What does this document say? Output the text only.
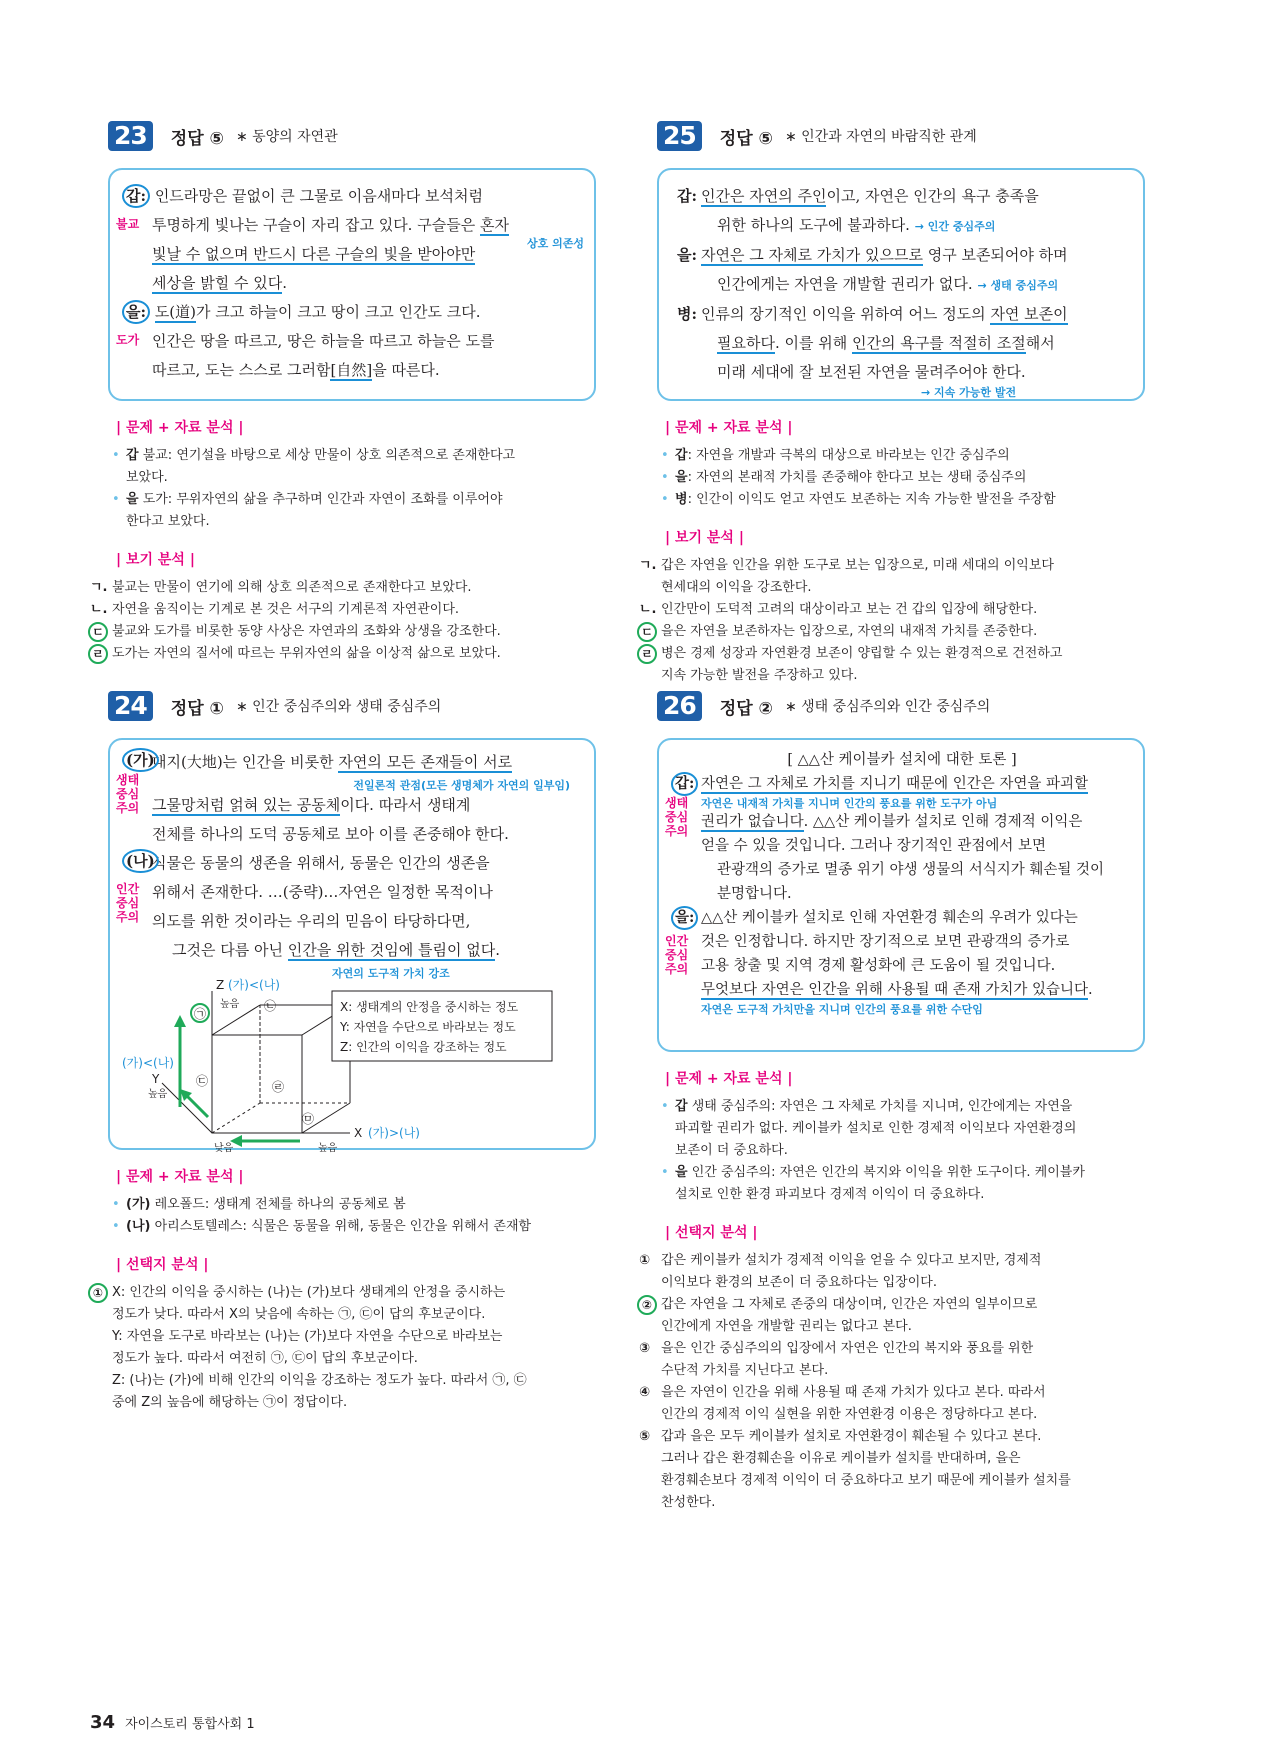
23	정답 ⑤ ∗ 동양의 자연관
갑: 인드라망은 끝없이 큰 그물로 이음새마다 보석처럼
불교 투명하게 빛나는 구슬이 자리 잡고 있다. 구슬들은 혼자
상호 의존성
빛날 수 없으며 반드시 다른 구슬의 빛을 받아야만
세상을 밝힐 수 있다.
을: 도(道)가 크고 하늘이 크고 땅이 크고 인간도 크다.
도가 인간은 땅을 따르고, 땅은 하늘을 따르고 하늘은 도를
따르고, 도는 스스로 그러함[自然]을 따른다.
| 문제 + 자료 분석 |
• 갑 불교: 연기설을 바탕으로 세상 만물이 상호 의존적으로 존재한다고
보았다.
• 을 도가: 무위자연의 삶을 추구하며 인간과 자연이 조화를 이루어야
한다고 보았다.
| 보기 분석 |
ㄱ. 불교는 만물이 연기에 의해 상호 의존적으로 존재한다고 보았다.
ㄴ. 자연을 움직이는 기계로 본 것은 서구의 기계론적 자연관이다.
ㄷ 불교와 도가를 비롯한 동양 사상은 자연과의 조화와 상생을 강조한다.
ㄹ 도가는 자연의 질서에 따르는 무위자연의 삶을 이상적 삶으로 보았다.
24	정답 ① ∗ 인간 중심주의와 생태 중심주의
(가)
대지(大地)는 인간을 비롯한 자연의 모든 존재들이 서로
생태
중심
주의
전일론적 관점(모든 생명체가 자연의 일부임)
그물망처럼 얽혀 있는 공동체이다. 따라서 생태계
전체를 하나의 도덕 공동체로 보아 이를 존중해야 한다.
(나)
식물은 동물의 생존을 위해서, 동물은 인간의 생존을
인간
중심
주의
위해서 존재한다. …(중략)…자연은 일정한 목적이나
의도를 위한 것이라는 우리의 믿음이 타당하다면,
그것은 다름 아닌 인간을 위한 것임에 틀림이 없다.
자연의 도구적 가치 강조
Z (가)<(나)
높음
(가)<(나)
Y
높음
낮음	높음
X (가)>(나)
㉠
㉡
㉢	㉣
㉤
X: 생태계의 안정을 중시하는 정도
Y: 자연을 수단으로 바라보는 정도
Z: 인간의 이익을 강조하는 정도
| 문제 + 자료 분석 |
• (가) 레오폴드: 생태계 전체를 하나의 공동체로 봄
• (나) 아리스토텔레스: 식물은 동물을 위해, 동물은 인간을 위해서 존재함
| 선택지 분석 |
① X: 인간의 이익을 중시하는 (나)는 (가)보다 생태계의 안정을 중시하는
정도가 낮다. 따라서 X의 낮음에 속하는 ㉠, ㉢이 답의 후보군이다.
Y: 자연을 도구로 바라보는 (나)는 (가)보다 자연을 수단으로 바라보는
정도가 높다. 따라서 여전히 ㉠, ㉢이 답의 후보군이다.
Z: (나)는 (가)에 비해 인간의 이익을 강조하는 정도가 높다. 따라서 ㉠, ㉢
중에 Z의 높음에 해당하는 ㉠이 정답이다.
25	정답 ⑤ ∗ 인간과 자연의 바람직한 관계
갑: 인간은 자연의 주인이고, 자연은 인간의 욕구 충족을
위한 하나의 도구에 불과하다. → 인간 중심주의
을: 자연은 그 자체로 가치가 있으므로 영구 보존되어야 하며
인간에게는 자연을 개발할 권리가 없다. → 생태 중심주의
병: 인류의 장기적인 이익을 위하여 어느 정도의 자연 보존이
필요하다. 이를 위해 인간의 욕구를 적절히 조절해서
미래 세대에 잘 보전된 자연을 물려주어야 한다.
→ 지속 가능한 발전
| 문제 + 자료 분석 |
• 갑: 자연을 개발과 극복의 대상으로 바라보는 인간 중심주의
• 을: 자연의 본래적 가치를 존중해야 한다고 보는 생태 중심주의
• 병: 인간이 이익도 얻고 자연도 보존하는 지속 가능한 발전을 주장함
| 보기 분석 |
ㄱ. 갑은 자연을 인간을 위한 도구로 보는 입장으로, 미래 세대의 이익보다
현세대의 이익을 강조한다.
ㄴ. 인간만이 도덕적 고려의 대상이라고 보는 건 갑의 입장에 해당한다.
ㄷ 을은 자연을 보존하자는 입장으로, 자연의 내재적 가치를 존중한다.
ㄹ 병은 경제 성장과 자연환경 보존이 양립할 수 있는 환경적으로 건전하고
지속 가능한 발전을 주장하고 있다.
26	정답 ② ∗ 생태 중심주의와 인간 중심주의
[ △△산 케이블카 설치에 대한 토론 ]
갑: 자연은 그 자체로 가치를 지니기 때문에 인간은 자연을 파괴할
생태
중심
주의
자연은 내재적 가치를 지니며 인간의 풍요를 위한 도구가 아님
권리가 없습니다. △△산 케이블카 설치로 인해 경제적 이익은
얻을 수 있을 것입니다. 그러나 장기적인 관점에서 보면
관광객의 증가로 멸종 위기 야생 생물의 서식지가 훼손될 것이
분명합니다.
을: △△산 케이블카 설치로 인해 자연환경 훼손의 우려가 있다는
인간
중심
주의
것은 인정합니다. 하지만 장기적으로 보면 관광객의 증가로
고용 창출 및 지역 경제 활성화에 큰 도움이 될 것입니다.
무엇보다 자연은 인간을 위해 사용될 때 존재 가치가 있습니다.
자연은 도구적 가치만을 지니며 인간의 풍요를 위한 수단임
| 문제 + 자료 분석 |
• 갑 생태 중심주의: 자연은 그 자체로 가치를 지니며, 인간에게는 자연을
파괴할 권리가 없다. 케이블카 설치로 인한 경제적 이익보다 자연환경의
보존이 더 중요하다.
• 을 인간 중심주의: 자연은 인간의 복지와 이익을 위한 도구이다. 케이블카
설치로 인한 환경 파괴보다 경제적 이익이 더 중요하다.
| 선택지 분석 |
① 갑은 케이블카 설치가 경제적 이익을 얻을 수 있다고 보지만, 경제적
이익보다 환경의 보존이 더 중요하다는 입장이다.
② 갑은 자연을 그 자체로 존중의 대상이며, 인간은 자연의 일부이므로
인간에게 자연을 개발할 권리는 없다고 본다.
③ 을은 인간 중심주의의 입장에서 자연은 인간의 복지와 풍요를 위한
수단적 가치를 지닌다고 본다.
④ 을은 자연이 인간을 위해 사용될 때 존재 가치가 있다고 본다. 따라서
인간의 경제적 이익 실현을 위한 자연환경 이용은 정당하다고 본다.
⑤ 갑과 을은 모두 케이블카 설치로 자연환경이 훼손될 수 있다고 본다.
그러나 갑은 환경훼손을 이유로 케이블카 설치를 반대하며, 을은
환경훼손보다 경제적 이익이 더 중요하다고 보기 때문에 케이블카 설치를
찬성한다.
34 자이스토리 통합사회 1
